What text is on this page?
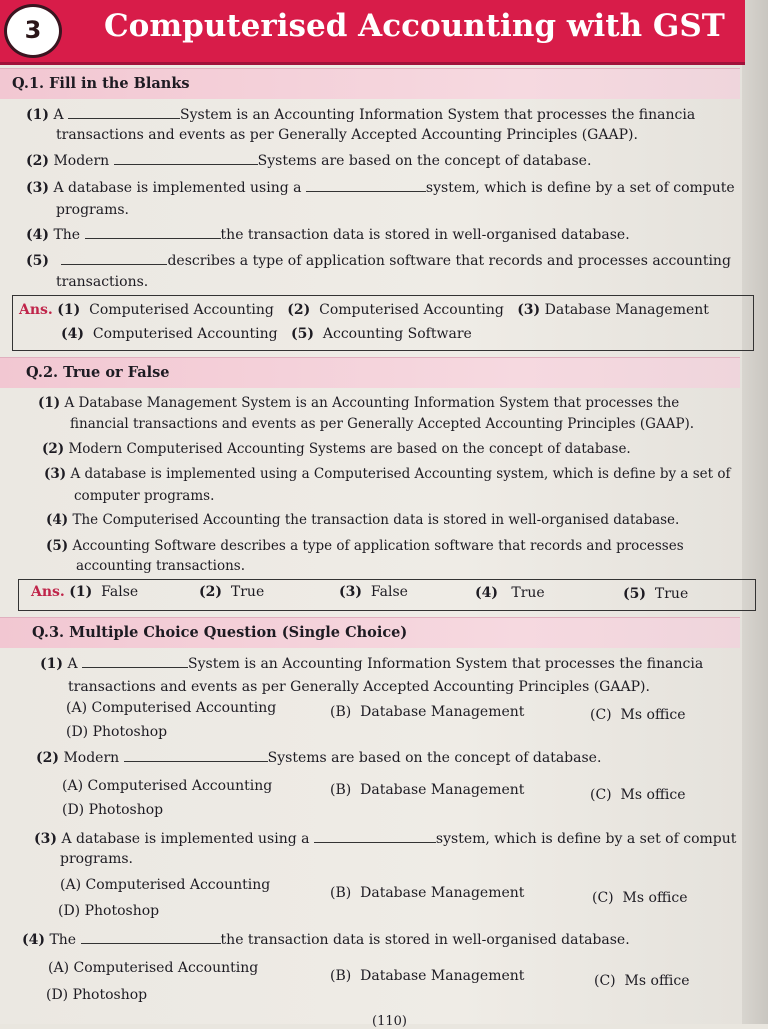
3	Computerised Accounting with GST
Q.1. Fill in the Blanks
(1) A	System is an Accounting Information System that processes the financia
transactions and events as per Generally Accepted Accounting Principles (GAAP).
(2) Modern	Systems are based on the concept of database.
(3) A database is implemented using a	system, which is define by a set of compute
programs.
(4) The	the transaction data is stored in well-organised database.
(5)	describes a type of application software that records and processes accounting
transactions.
Ans. (1) Computerised Accounting (2) Computerised Accounting (3) Database Management
(4) Computerised Accounting (5) Accounting Software
Q.2. True or False
(1) A Database Management System is an Accounting Information System that processes the
financial transactions and events as per Generally Accepted Accounting Principles (GAAP).
(2) Modern Computerised Accounting Systems are based on the concept of database.
(3) A database is implemented using a Computerised Accounting system, which is define by a set of
computer programs.
(4) The Computerised Accounting the transaction data is stored in well-organised database.
(5) Accounting Software describes a type of application software that records and processes
accounting transactions.
Ans. (1) False	(2) True	(3) False	(4) True	(5) True
Q.3. Multiple Choice Question (Single Choice)
(1) A	System is an Accounting Information System that processes the financia
transactions and events as per Generally Accepted Accounting Principles (GAAP).
(A) Computerised Accounting	(B) Database Management	(C) Ms office
(D) Photoshop
(2) Modern	Systems are based on the concept of database.
(A) Computerised Accounting	(B) Database Management	(C) Ms office
(D) Photoshop
(3) A database is implemented using a	system, which is define by a set of comput
programs.
(A) Computerised Accounting	(B) Database Management	(C) Ms office
(D) Photoshop
(4) The	the transaction data is stored in well-organised database.
(A) Computerised Accounting	(B) Database Management	(C) Ms office
(D) Photoshop
(110)
